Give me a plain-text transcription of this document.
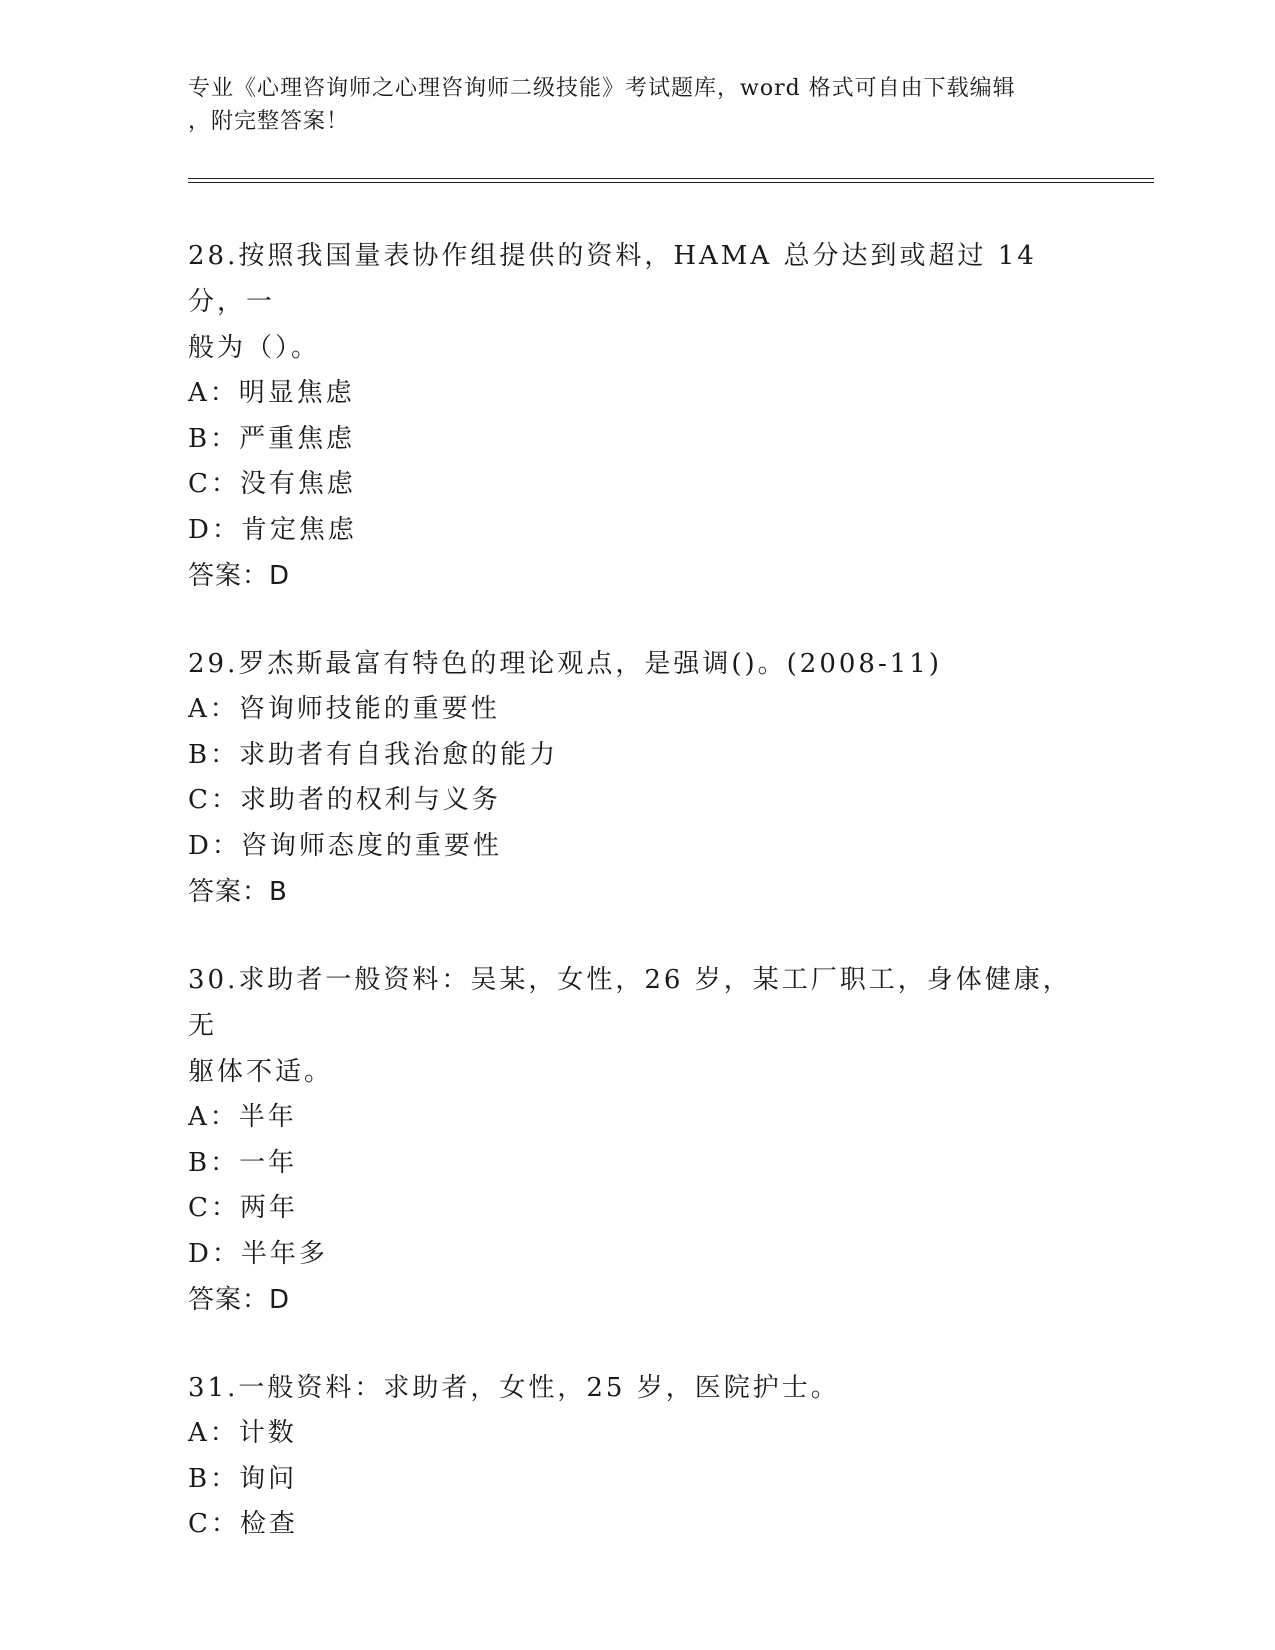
专业《心理咨询师之心理咨询师二级技能》考试题库，word 格式可自由下载编辑
，附完整答案！
28.按照我国量表协作组提供的资料，HAMA 总分达到或超过 14 分，一
般为（）。
A：明显焦虑
B：严重焦虑
C：没有焦虑
D：肯定焦虑
答案：D
29.罗杰斯最富有特色的理论观点，是强调()。(2008-11)
A：咨询师技能的重要性
B：求助者有自我治愈的能力
C：求助者的权利与义务
D：咨询师态度的重要性
答案：B
30.求助者一般资料：吴某，女性，26 岁，某工厂职工，身体健康，无
躯体不适。
A：半年
B：一年
C：两年
D：半年多
答案：D
31.一般资料：求助者，女性，25 岁，医院护士。
A：计数
B：询问
C：检查
